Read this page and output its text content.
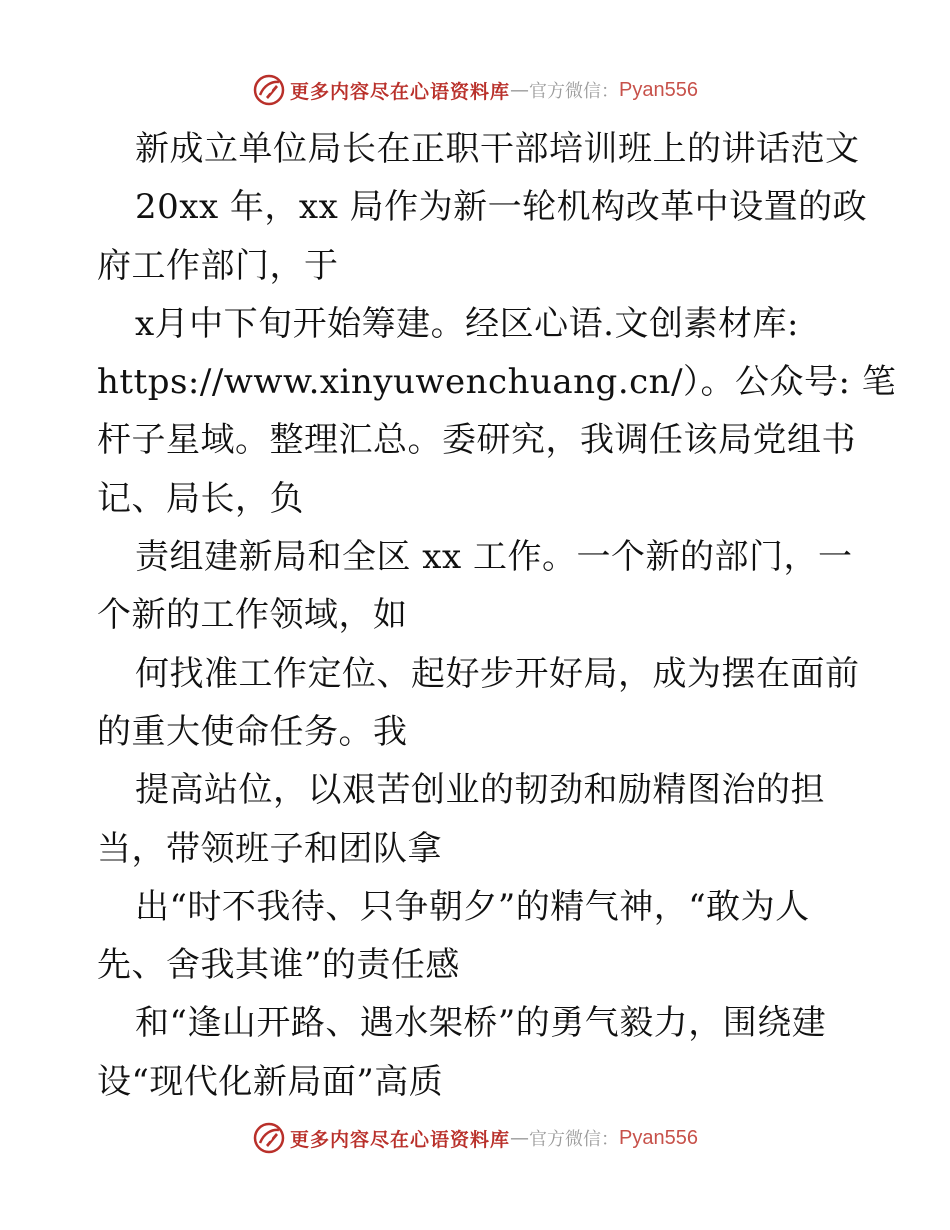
更多内容尽在心语资料库 — 官方微信： Pyan556
新成立单位局长在正职干部培训班上的讲话范文
20xx 年，xx 局作为新一轮机构改革中设置的政
府工作部门，于
x月中下旬开始筹建。经区心语.文创素材库:
https://www.xinyuwenchuang.cn/）。公众号: 笔
杆子星域。整理汇总。委研究，我调任该局党组书
记、局长，负
责组建新局和全区 xx 工作。一个新的部门，一
个新的工作领域，如
何找准工作定位、起好步开好局，成为摆在面前
的重大使命任务。我
提高站位，以艰苦创业的韧劲和励精图治的担
当，带领班子和团队拿
出“时不我待、只争朝夕”的精气神，“敢为人
先、舍我其谁”的责任感
和“逢山开路、遇水架桥”的勇气毅力，围绕建
设“现代化新局面”高质
更多内容尽在心语资料库 — 官方微信： Pyan556
